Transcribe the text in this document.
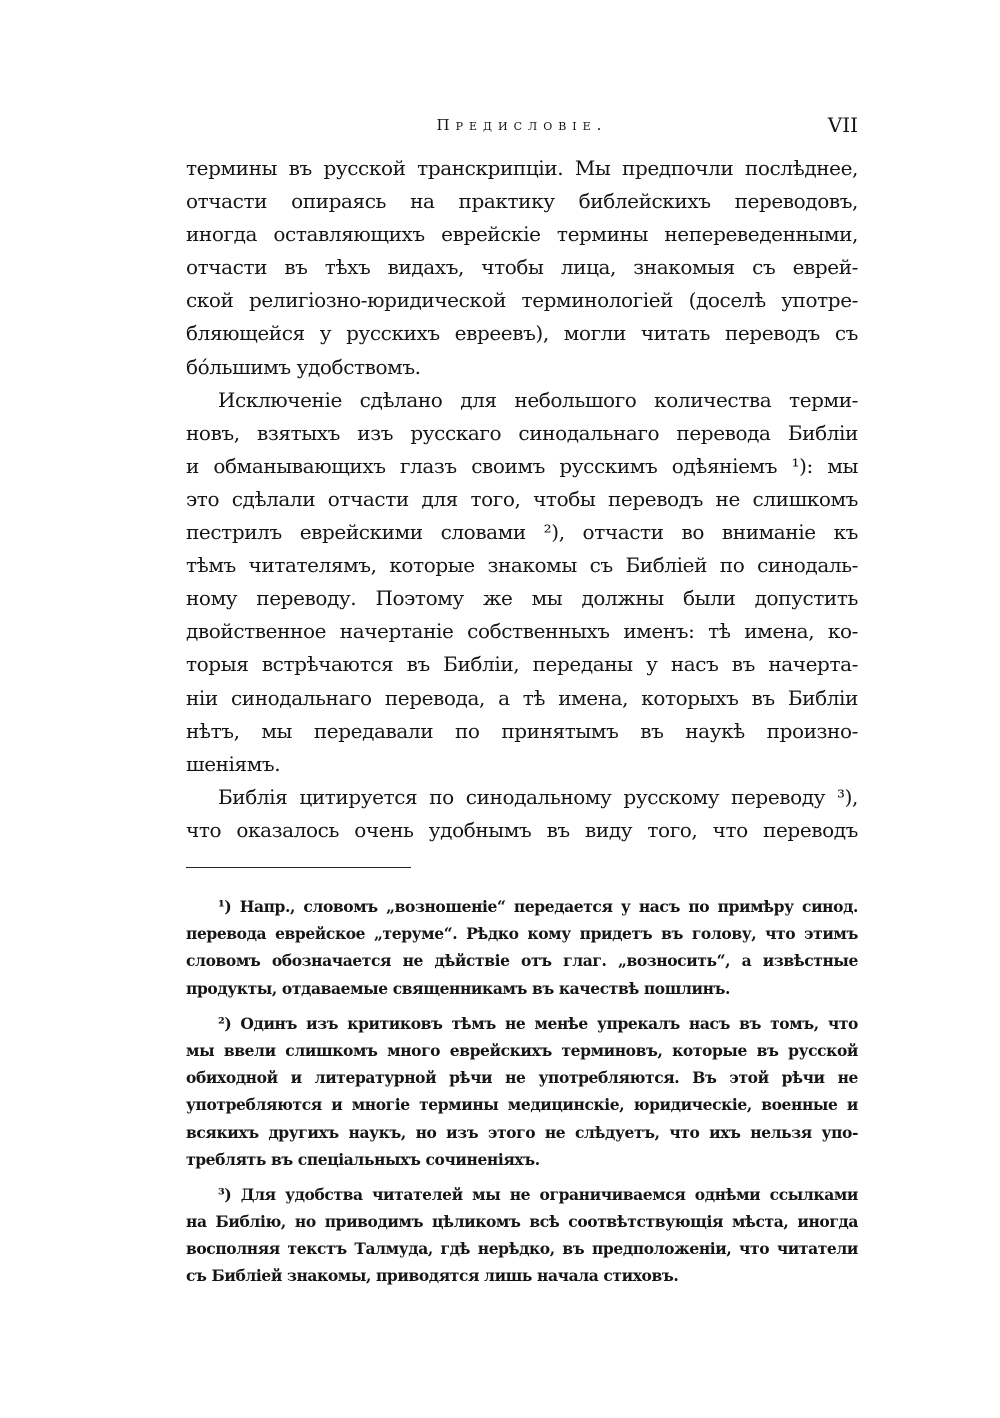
Предисловіе.	VII
термины въ русской транскрипціи. Мы предпочли послѣднее,
отчасти опираясь на практику библейскихъ переводовъ,
иногда оставляющихъ еврейскіе термины непереведенными,
отчасти въ тѣхъ видахъ, чтобы лица, знакомыя съ еврей-
ской религіозно-юридической терминологіей (доселѣ употре-
бляющейся у русскихъ евреевъ), могли читать переводъ съ
бо́льшимъ удобствомъ.
Исключеніе сдѣлано для небольшого количества терми-
новъ, взятыхъ изъ русскаго синодальнаго перевода Библіи
и обманывающихъ глазъ своимъ русскимъ одѣяніемъ ¹): мы
это сдѣлали отчасти для того, чтобы переводъ не слишкомъ
пестрилъ еврейскими словами ²), отчасти во вниманіе къ
тѣмъ читателямъ, которые знакомы съ Библіей по синодаль-
ному переводу. Поэтому же мы должны были допустить
двойственное начертаніе собственныхъ именъ: тѣ имена, ко-
торыя встрѣчаются въ Библіи, переданы у насъ въ начерта-
ніи синодальнаго перевода, а тѣ имена, которыхъ въ Библіи
нѣтъ, мы передавали по принятымъ въ наукѣ произно-
шеніямъ.
Библія цитируется по синодальному русскому переводу ³),
что оказалось очень удобнымъ въ виду того, что переводъ
¹) Напр., словомъ „возношеніе“ передается у насъ по примѣру синод.
перевода еврейское „теруме“. Рѣдко кому придетъ въ голову, что этимъ
словомъ обозначается не дѣйствіе отъ глаг. „возносить“, а извѣстные
продукты, отдаваемые священникамъ въ качествѣ пошлинъ.
²) Одинъ изъ критиковъ тѣмъ не менѣе упрекалъ насъ въ томъ, что
мы ввели слишкомъ много еврейскихъ терминовъ, которые въ русской
обиходной и литературной рѣчи не употребляются. Въ этой рѣчи не
употребляются и многіе термины медицинскіе, юридическіе, военные и
всякихъ другихъ наукъ, но изъ этого не слѣдуетъ, что ихъ нельзя упо-
треблять въ спеціальныхъ сочиненіяхъ.
³) Для удобства читателей мы не ограничиваемся однѣми ссылками
на Библію, но приводимъ цѣликомъ всѣ соотвѣтствующія мѣста, иногда
восполняя текстъ Талмуда, гдѣ нерѣдко, въ предположеніи, что читатели
съ Библіей знакомы, приводятся лишь начала стиховъ.
